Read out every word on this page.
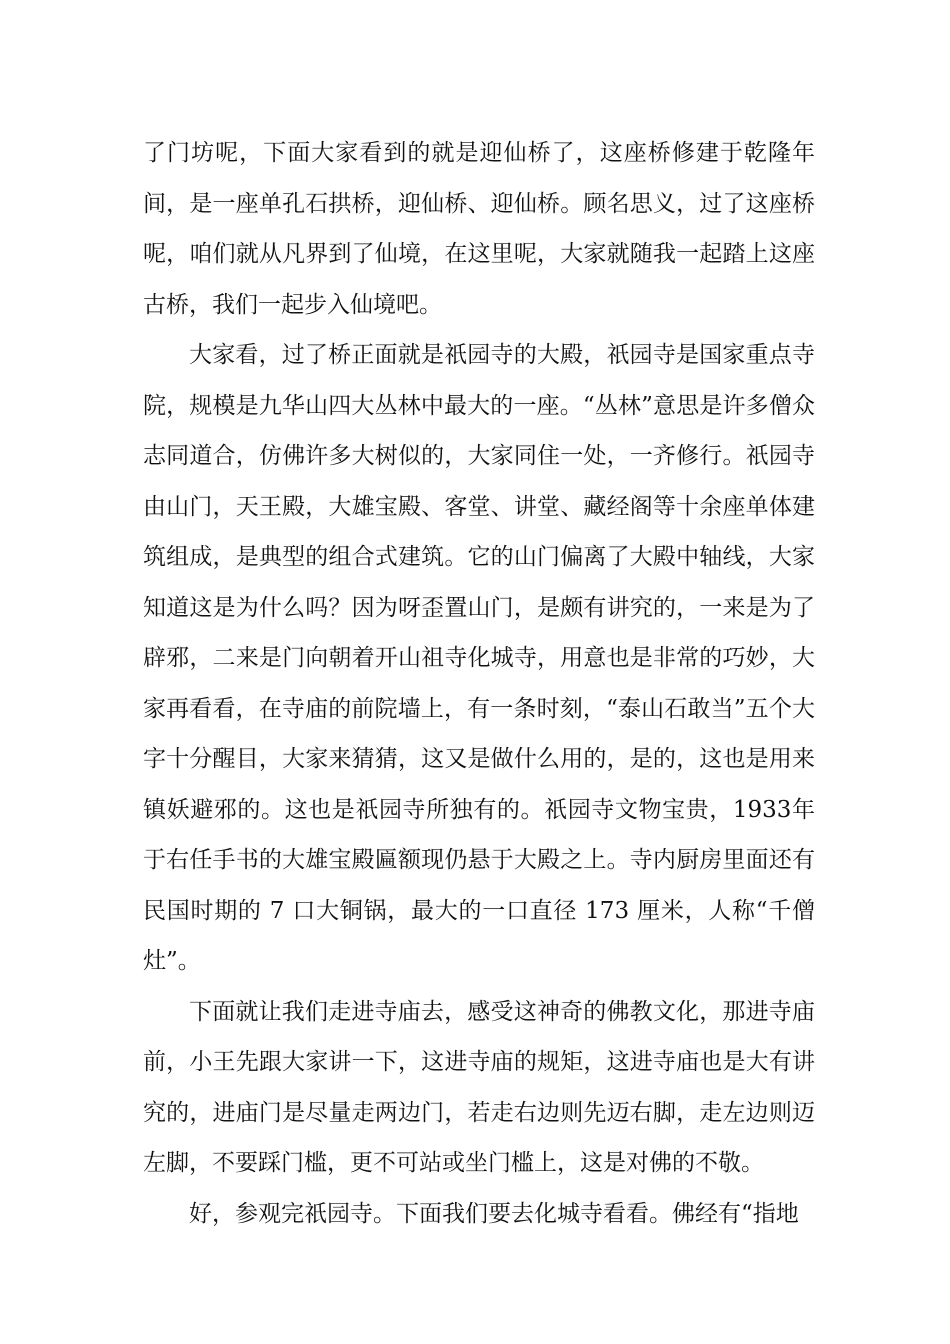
了门坊呢，下面大家看到的就是迎仙桥了，这座桥修建于乾隆年间，是一座单孔石拱桥，迎仙桥、迎仙桥。顾名思义，过了这座桥呢，咱们就从凡界到了仙境，在这里呢，大家就随我一起踏上这座古桥，我们一起步入仙境吧。

大家看，过了桥正面就是祇园寺的大殿，祇园寺是国家重点寺院，规模是九华山四大丛林中最大的一座。“丛林”意思是许多僧众志同道合，仿佛许多大树似的，大家同住一处，一齐修行。祇园寺由山门，天王殿，大雄宝殿、客堂、讲堂、藏经阁等十余座单体建筑组成，是典型的组合式建筑。它的山门偏离了大殿中轴线，大家知道这是为什么吗？因为呀歪置山门，是颇有讲究的，一来是为了辟邪，二来是门向朝着开山祖寺化城寺，用意也是非常的巧妙，大家再看看，在寺庙的前院墙上，有一条时刻，“泰山石敢当”五个大字十分醒目，大家来猜猜，这又是做什么用的，是的，这也是用来镇妖避邪的。这也是祇园寺所独有的。祇园寺文物宝贵，1933年于右任手书的大雄宝殿匾额现仍悬于大殿之上。寺内厨房里面还有民国时期的 7 口大铜锅，最大的一口直径 173 厘米，人称“千僧灶”。

下面就让我们走进寺庙去，感受这神奇的佛教文化，那进寺庙前，小王先跟大家讲一下，这进寺庙的规矩，这进寺庙也是大有讲究的，进庙门是尽量走两边门，若走右边则先迈右脚，走左边则迈左脚，不要踩门槛，更不可站或坐门槛上，这是对佛的不敬。

好，参观完祇园寺。下面我们要去化城寺看看。佛经有“指地
